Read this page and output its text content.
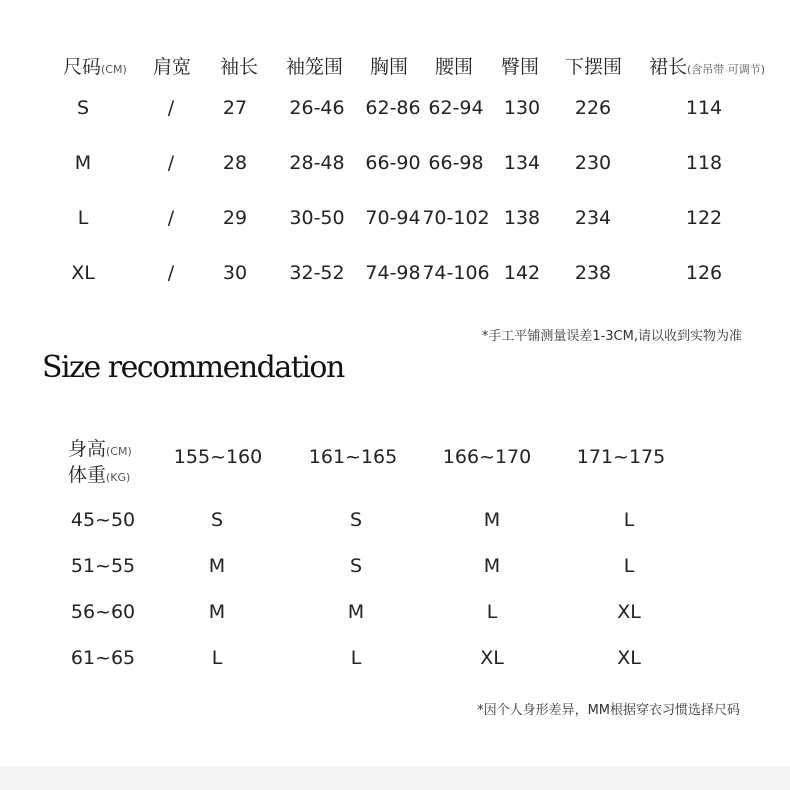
尺码(CM) 肩宽 袖长 袖笼围 胸围 腰围 臀围 下摆围 裙长(含吊带 可调节)
S	/	27 26-46 62-86 62-94 130 226	114
M	/	28 28-48 66-90 66-98 134 230	118
L	/	29 30-50 70-94 70-102 138 234	122
XL	/	30 32-52 74-98 74-106 142 238	126
*手工平铺测量误差1-3CM,请以收到实物为准
Size recommendation
身高(CM)
体重(KG)
155~160 161~165 166~170 171~175
45~50	S	S	M	L
51~55	M	S	M	L
56~60	M	M	L	XL
61~65	L	L	XL	XL
*因个人身形差异，MM根据穿衣习惯选择尺码
